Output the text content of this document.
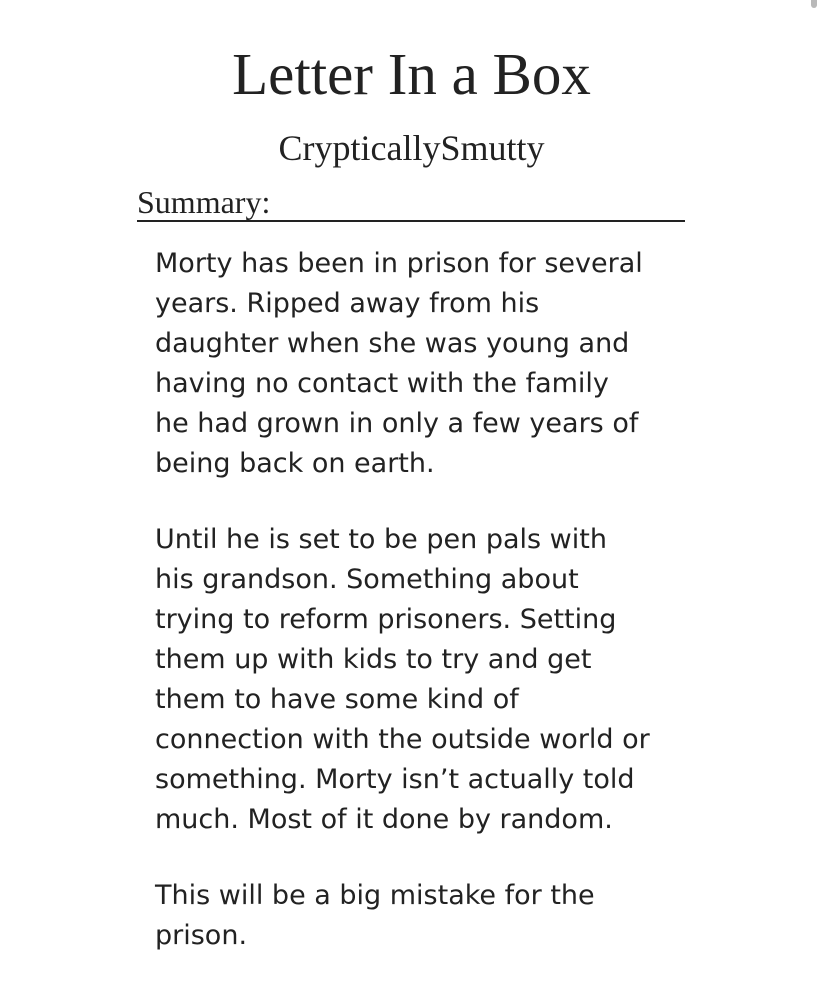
Letter In a Box
CrypticallySmutty
Summary:

Morty has been in prison for several
years. Ripped away from his
daughter when she was young and
having no contact with the family
he had grown in only a few years of
being back on earth.

Until he is set to be pen pals with
his grandson. Something about
trying to reform prisoners. Setting
them up with kids to try and get
them to have some kind of
connection with the outside world or
something. Morty isn’t actually told
much. Most of it done by random.

This will be a big mistake for the
prison.
